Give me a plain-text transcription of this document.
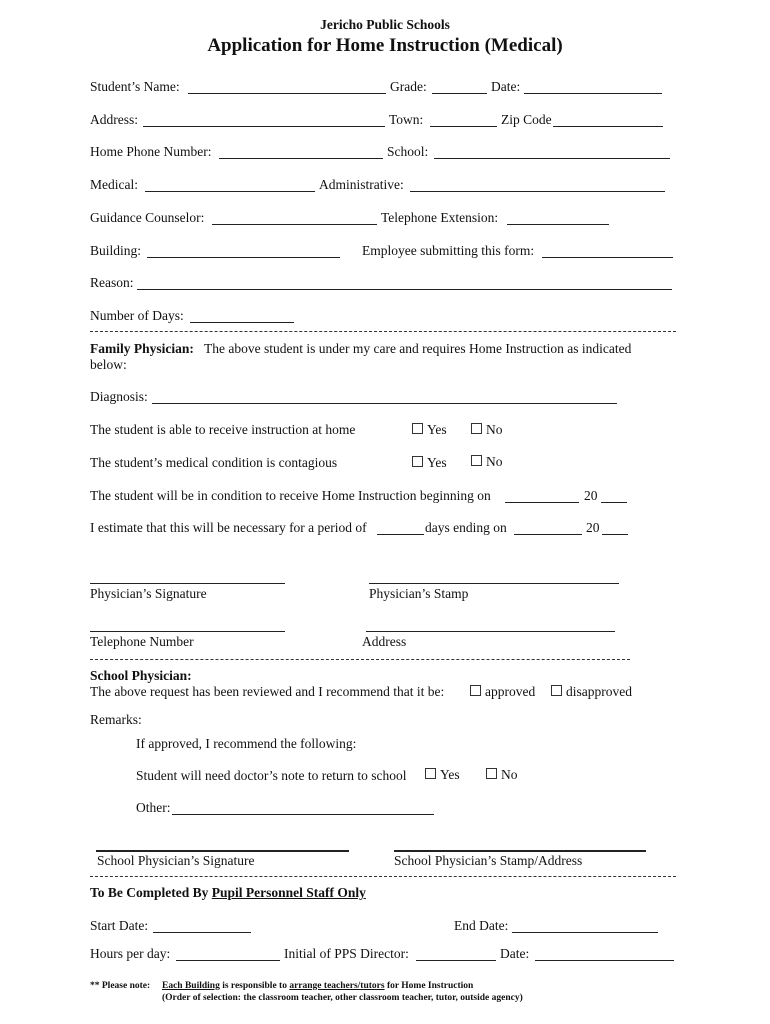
Jericho Public Schools
Application for Home Instruction (Medical)
Student’s Name:	Grade:	Date:
Address:	Town:	Zip Code
Home Phone Number:	School:
Medical:	Administrative:
Guidance Counselor:	Telephone Extension:
Building:	Employee submitting this form:
Reason:
Number of Days:
Family Physician: The above student is under my care and requires Home Instruction as indicated
below:
Diagnosis:
The student is able to receive instruction at home	Yes	No
The student’s medical condition is contagious	Yes	No
The student will be in condition to receive Home Instruction beginning on	20
I estimate that this will be necessary for a period of	days ending on	20
Physician’s Signature	Physician’s Stamp
Telephone Number	Address
School Physician:
The above request has been reviewed and I recommend that it be:	approved	disapproved
Remarks:
If approved, I recommend the following:
Student will need doctor’s note to return to school	Yes	No
Other:
School Physician’s Signature	School Physician’s Stamp/Address
To Be Completed By Pupil Personnel Staff Only
Start Date:	End Date:
Hours per day:	Initial of PPS Director:	Date:
** Please note: Each Building is responsible to arrange teachers/tutors for Home Instruction
(Order of selection: the classroom teacher, other classroom teacher, tutor, outside agency)
